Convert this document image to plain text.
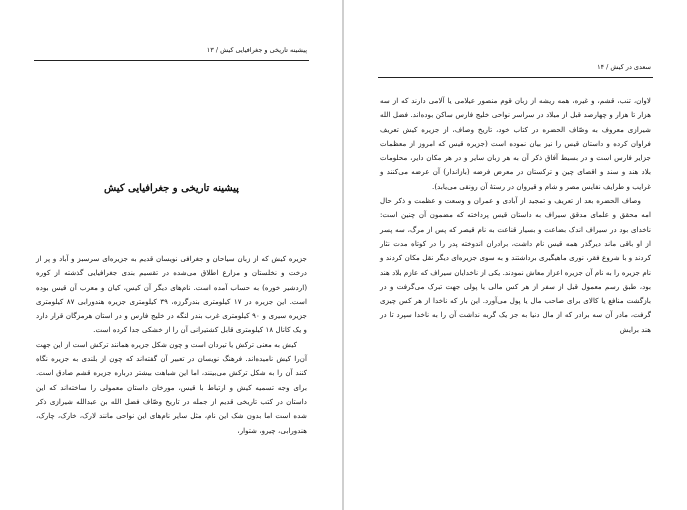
پیشینه تاریخی و جغرافیایی کیش / ۱۳
پیشینه تاریخی و جغرافیایی کیش

جزیره کیش که از زبان سیاحان و جغرافی نویسان قدیم به جزیره‌ای سرسبز و آباد و پر از درخت و نخلستان و مزارع اطلاق می‌شده در تقسیم بندی جغرافیایی گذشته از کوره (اردشیر خوره) به حساب آمده است. نام‌های دیگر آن کیس، کیان و معرب آن قیس بوده است. این جزیره در ۱۷ کیلومتری بندرگرزه، ۳۹ کیلومتری جزیره هندورابی ۸۷ کیلومتری جزیره سیری و ۹۰ کیلومتری غرب بندر لنگه در خلیج فارس و در استان هرمزگان قرار دارد و یک کانال ۱۸ کیلومتری قابل کشتیرانی آن را از خشکی جدا کرده است.

کیش به معنی ترکش یا تیردان است و چون شکل جزیره همانند ترکش است از این جهت آن‌را کیش نامیده‌اند. فرهنگ نویسان در تعبیر آن گفته‌اند که چون از بلندی به جزیره نگاه کنند آن را به شکل ترکش می‌بینند، اما این شباهت بیشتر درباره جزیره قشم صادق است. برای وجه تسمیه کیش و ارتباط با قیس، مورخان داستان معمولی را ساخته‌اند که این داستان در کتب تاریخی قدیم از جمله در تاریخ وصّاف فضل الله بن عبدالله شیرازی ذکر شده است اما بدون شک این نام، مثل سایر نام‌های این نواحی مانند لارک، خارک، چارک، هندورابی، چیرو، شتوار،

سعدی در کیش / ۱۴

لاوان، تنب، قشم، و غیره، همه ریشه از زبان قوم منصور عیلامی یا آلامی دارند که از سه هزار تا هزار و چهارصد قبل از میلاد در سراسر نواحی خلیج فارس ساکن بوده‌اند. فضل الله شیرازی معروف به وصّاف الحضره در کتاب خود، تاریخ وصاف، از جزیره کیش تعریف فراوان کرده و داستان قیس را نیز بیان نموده است (جزیره قیس که امروز از معظمات جزایر فارس است و در بسیط آفاق ذکر آن به هر زبان سایر و در هر مکان دایر، محلومات بلاد هند و سند و اقصای چین و ترکستان در معرض فرضه (بازاندار) آن عرضه می‌کنند و غرایب و طرایف نفایس مصر و شام و قیروان در رستهٔ آن رونقی می‌یابد).

وصاف الحضره بعد از تعریف و تمجید از آبادی و عمران و وسعت و عظمت و ذکر حال امه محقق و علمای مدقق سیراف به داستان قیس پرداخته که مضمون آن چنین است: ناخدای بود در سیراف اندک بضاعت و بسیار قناعت به نام قیصر که پس از مرگ، سه پسر از او باقی ماند دیرگذر همه قیس نام داشت، برادران اندوخته پدر را در کوتاه مدت نثار کردند و با شروع فقر، نوری ماهیگیری برداشتند و به سوی جزیره‌ای دیگر نقل مکان کردند و نام جزیره را به نام آن جزیره اعزاز معاش نمودند. یکی از ناخدایان سیراف که عازم بلاد هند بود، طبق رسم معمول قبل از سفر از هر کس مالی یا پولی جهت تبرک می‌گرفت و در بازگشت منافع یا کالای برای صاحب مال یا پول می‌آورد. این بار که ناخدا از هر کس چیزی گرفت، مادر آن سه برادر که از مال دنیا به جز یک گربه نداشت آن را به ناخدا سپرد تا در هند برایش
